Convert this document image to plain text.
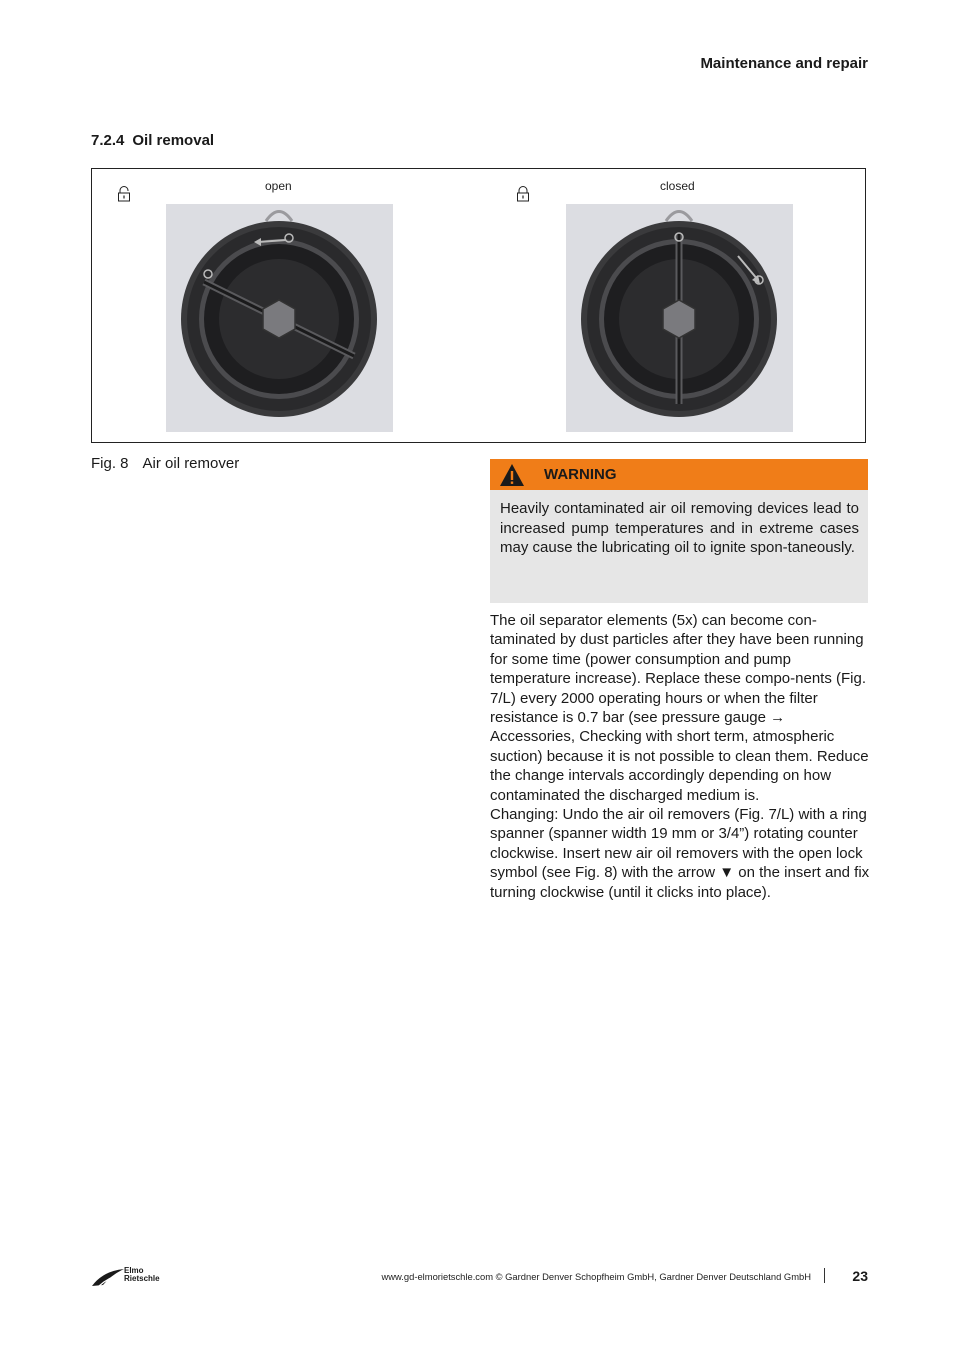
Maintenance and repair
7.2.4 Oil removal
open	closed
Fig. 8 Air oil remover
WARNING
Heavily contaminated air oil removing devices lead to increased pump temperatures and in extreme cases may cause the lubricating oil to ignite spon-taneously.

The oil separator elements (5x) can become con-taminated by dust particles after they have been running for some time (power consumption and pump temperature increase). Replace these compo-nents (Fig. 7/L) every 2000 operating hours or when the filter resistance is 0.7 bar (see pressure gauge → Accessories, Checking with short term, atmospheric suction) because it is not possible to clean them. Reduce the change intervals accordingly depending on how contaminated the discharged medium is.

Changing: Undo the air oil removers (Fig. 7/L) with a ring spanner (spanner width 19 mm or 3/4”) rotating counter clockwise. Insert new air oil removers with the open lock symbol (see Fig. 8) with the arrow ▼ on the insert and fix turning clockwise (until it clicks into place).

Elmo
Rietschle	www.gd-elmorietschle.com © Gardner Denver Schopfheim GmbH, Gardner Denver Deutschland GmbH	23
